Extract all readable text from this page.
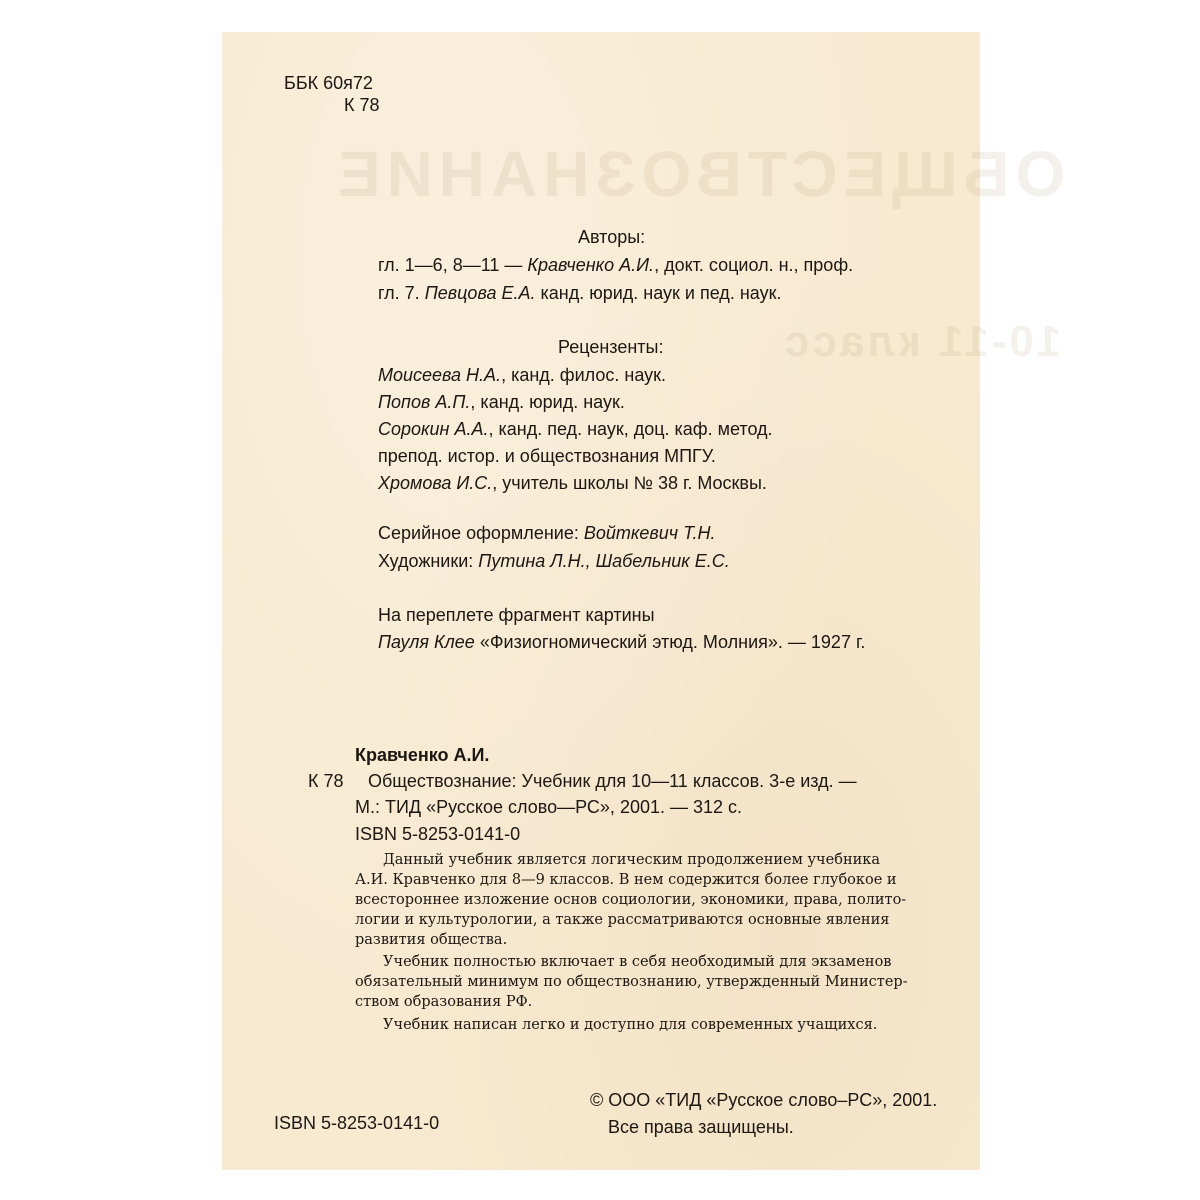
ОБЩЕСТВОЗНАНИЕ
10-11 класс
ББК 60я72
К 78
Авторы:
гл. 1—6, 8—11 — Кравченко А.И., докт. социол. н., проф.
гл. 7. Певцова Е.А. канд. юрид. наук и пед. наук.
Рецензенты:
Моисеева Н.А., канд. филос. наук.
Попов А.П., канд. юрид. наук.
Сорокин А.А., канд. пед. наук, доц. каф. метод.
препод. истор. и обществознания МПГУ.
Хромова И.С., учитель школы № 38 г. Москвы.
Серийное оформление: Войткевич Т.Н.
Художники: Путина Л.Н., Шабельник Е.С.
На переплете фрагмент картины
Пауля Клее «Физиогномический этюд. Молния». — 1927 г.
Кравченко А.И.
К 78 Обществознание: Учебник для 10—11 классов. 3-е изд. —
М.: ТИД «Русское слово—РС», 2001. — 312 с.
ISBN 5-8253-0141-0
Данный учебник является логическим продолжением учебника
А.И. Кравченко для 8—9 классов. В нем содержится более глубокое и
всестороннее изложение основ социологии, экономики, права, полито-
логии и культурологии, а также рассматриваются основные явления
развития общества.
Учебник полностью включает в себя необходимый для экзаменов
обязательный минимум по обществознанию, утвержденный Министер-
ством образования РФ.
Учебник написан легко и доступно для современных учащихся.
ISBN 5-8253-0141-0
© ООО «ТИД «Русское слово–РС», 2001.
Все права защищены.
